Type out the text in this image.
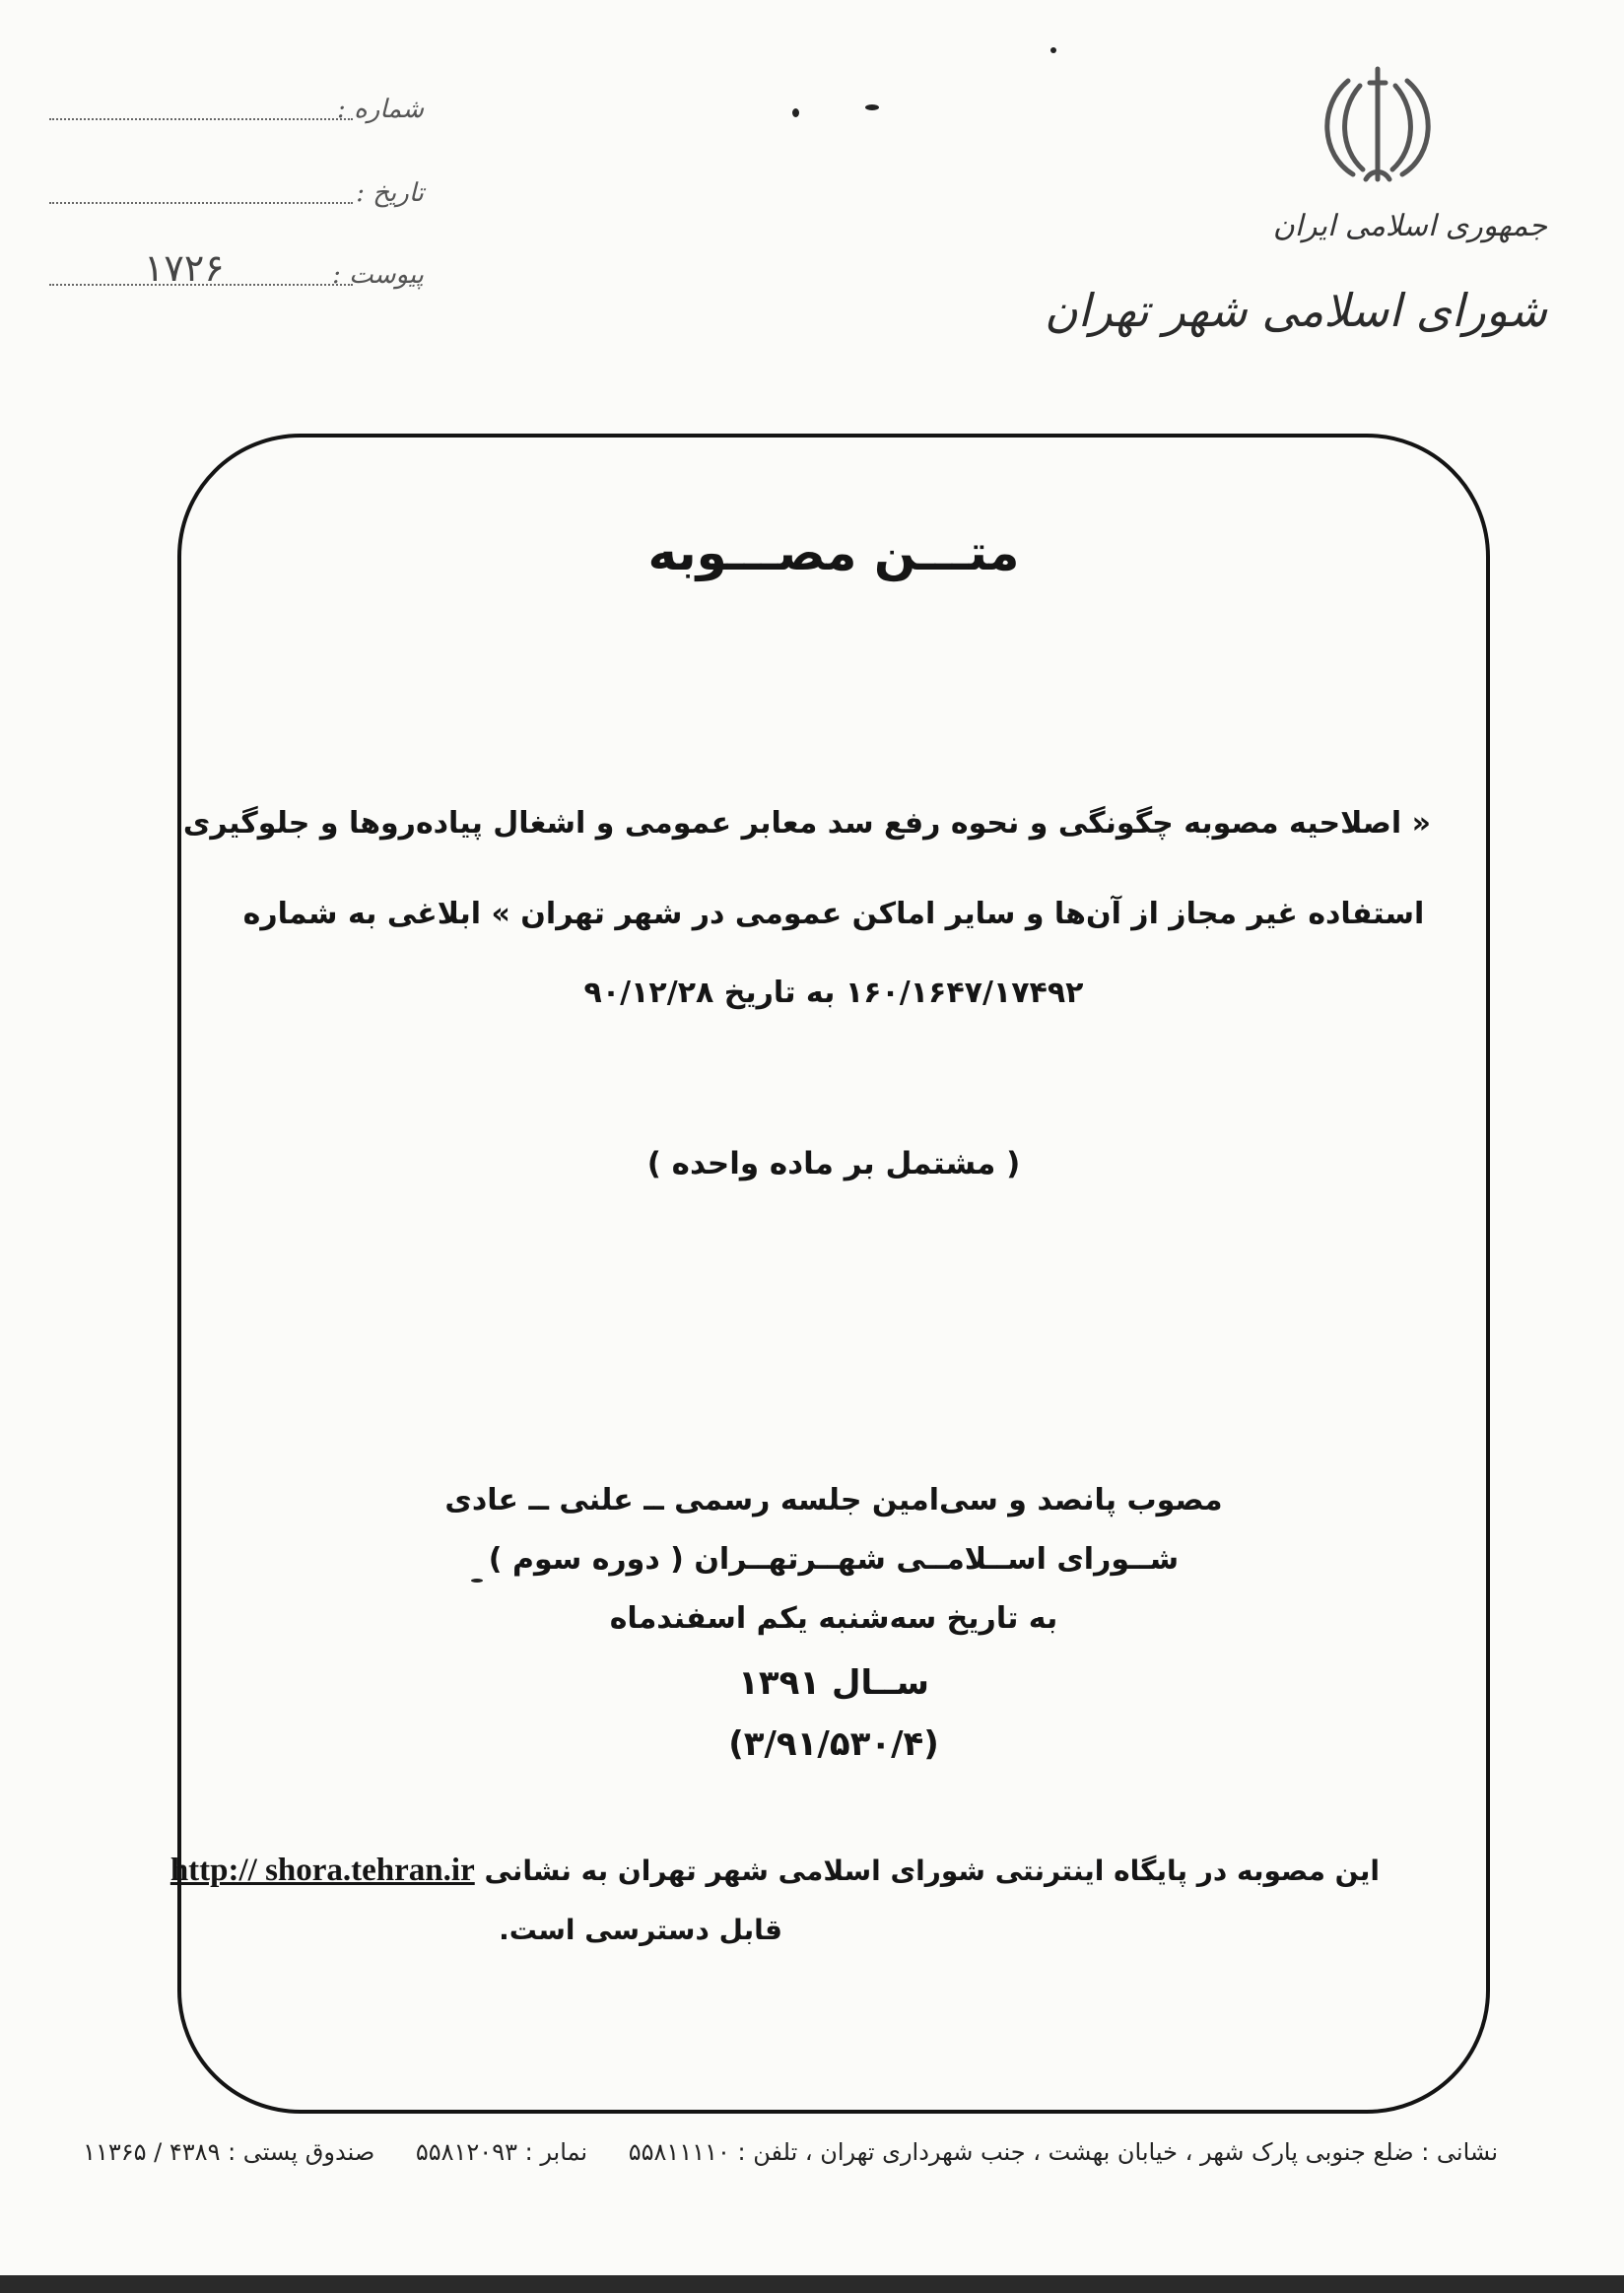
جمهوری اسلامی ایران
شورای اسلامی شهر تهران
شماره :
تاریخ :
پیوست :
۱۷۲۶
متـــن مصـــوبه
« اصلاحیه مصوبه چگونگی و نحوه رفع سد معابر عمومی و اشغال پیاده‌روها و جلوگیری
استفاده غیر مجاز از آن‌ها و سایر اماکن عمومی در شهر تهران » ابلاغی به شماره
۱۶۰/۱۶۴۷/۱۷۴۹۲ به تاریخ ۹۰/۱۲/۲۸
( مشتمل بر ماده واحده )
مصوب پانصد و سی‌امین جلسه رسمی ــ علنی ــ عادی
شــورای اســلامــی شهــرتهــران ( دوره سوم )
به تاریخ سه‌شنبه یکم اسفندماه
ســال ۱۳۹۱
(۳/۹۱/۵۳۰/۴)
این مصوبه در پایگاه اینترنتی شورای اسلامی شهر تهران به نشانی http:// shora.tehran.ir
قابل دسترسی است.
نشانی : ضلع جنوبی پارک شهر ، خیابان بهشت ، جنب شهرداری تهران ، تلفن : ۵۵۸۱۱۱۱۰ نمابر : ۵۵۸۱۲۰۹۳ صندوق پستی : ۴۳۸۹ / ۱۱۳۶۵
